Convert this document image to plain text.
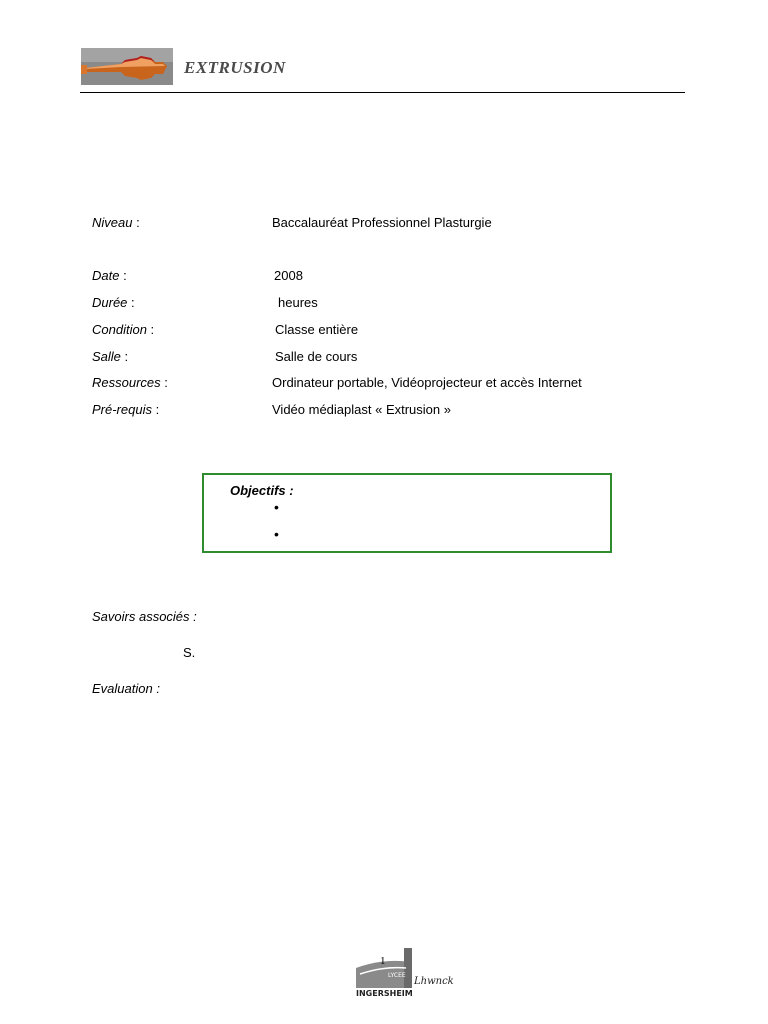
EXTRUSION
Niveau :	Baccalauréat Professionnel Plasturgie
Date :	2008
Durée :	heures
Condition :	Classe entière
Salle :	Salle de cours
Ressources :	Ordinateur portable, Vidéoprojecteur et accès Internet
Pré-requis :	Vidéo médiaplast « Extrusion »
Objectifs :
•
•
Savoirs associés :
S.
Evaluation :
LYCEE
Lhwnck
INGERSHEIM
1
